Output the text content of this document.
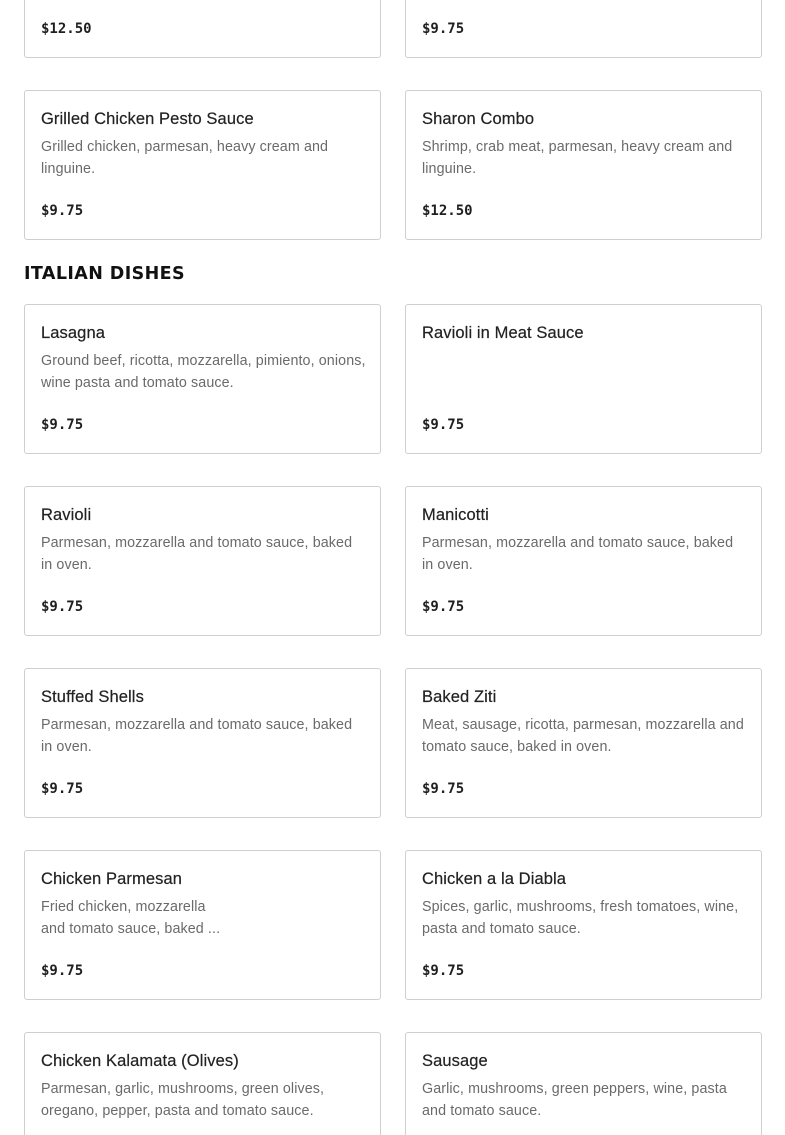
$12.50	$9.75
Grilled Chicken Pesto Sauce
Grilled chicken, parmesan, heavy cream and linguine.
$9.75
Sharon Combo
Shrimp, crab meat, parmesan, heavy cream and linguine.
$12.50
ITALIAN DISHES
Lasagna
Ground beef, ricotta, mozzarella, pimiento, onions, wine pasta and tomato sauce.
$9.75
Ravioli in Meat Sauce
$9.75
Ravioli
Parmesan, mozzarella and tomato sauce, baked in oven.
$9.75
Manicotti
Parmesan, mozzarella and tomato sauce, baked in oven.
$9.75
Stuffed Shells
Parmesan, mozzarella and tomato sauce, baked in oven.
$9.75
Baked Ziti
Meat, sausage, ricotta, parmesan, mozzarella and tomato sauce, baked in oven.
$9.75
Chicken Parmesan
Fried chicken, mozzarella
and tomato sauce, baked ...
$9.75
Chicken a la Diabla
Spices, garlic, mushrooms, fresh tomatoes, wine, pasta and tomato sauce.
$9.75
Chicken Kalamata (Olives)
Parmesan, garlic, mushrooms, green olives, oregano, pepper, pasta and tomato sauce.
Sausage
Garlic, mushrooms, green peppers, wine, pasta and tomato sauce.
